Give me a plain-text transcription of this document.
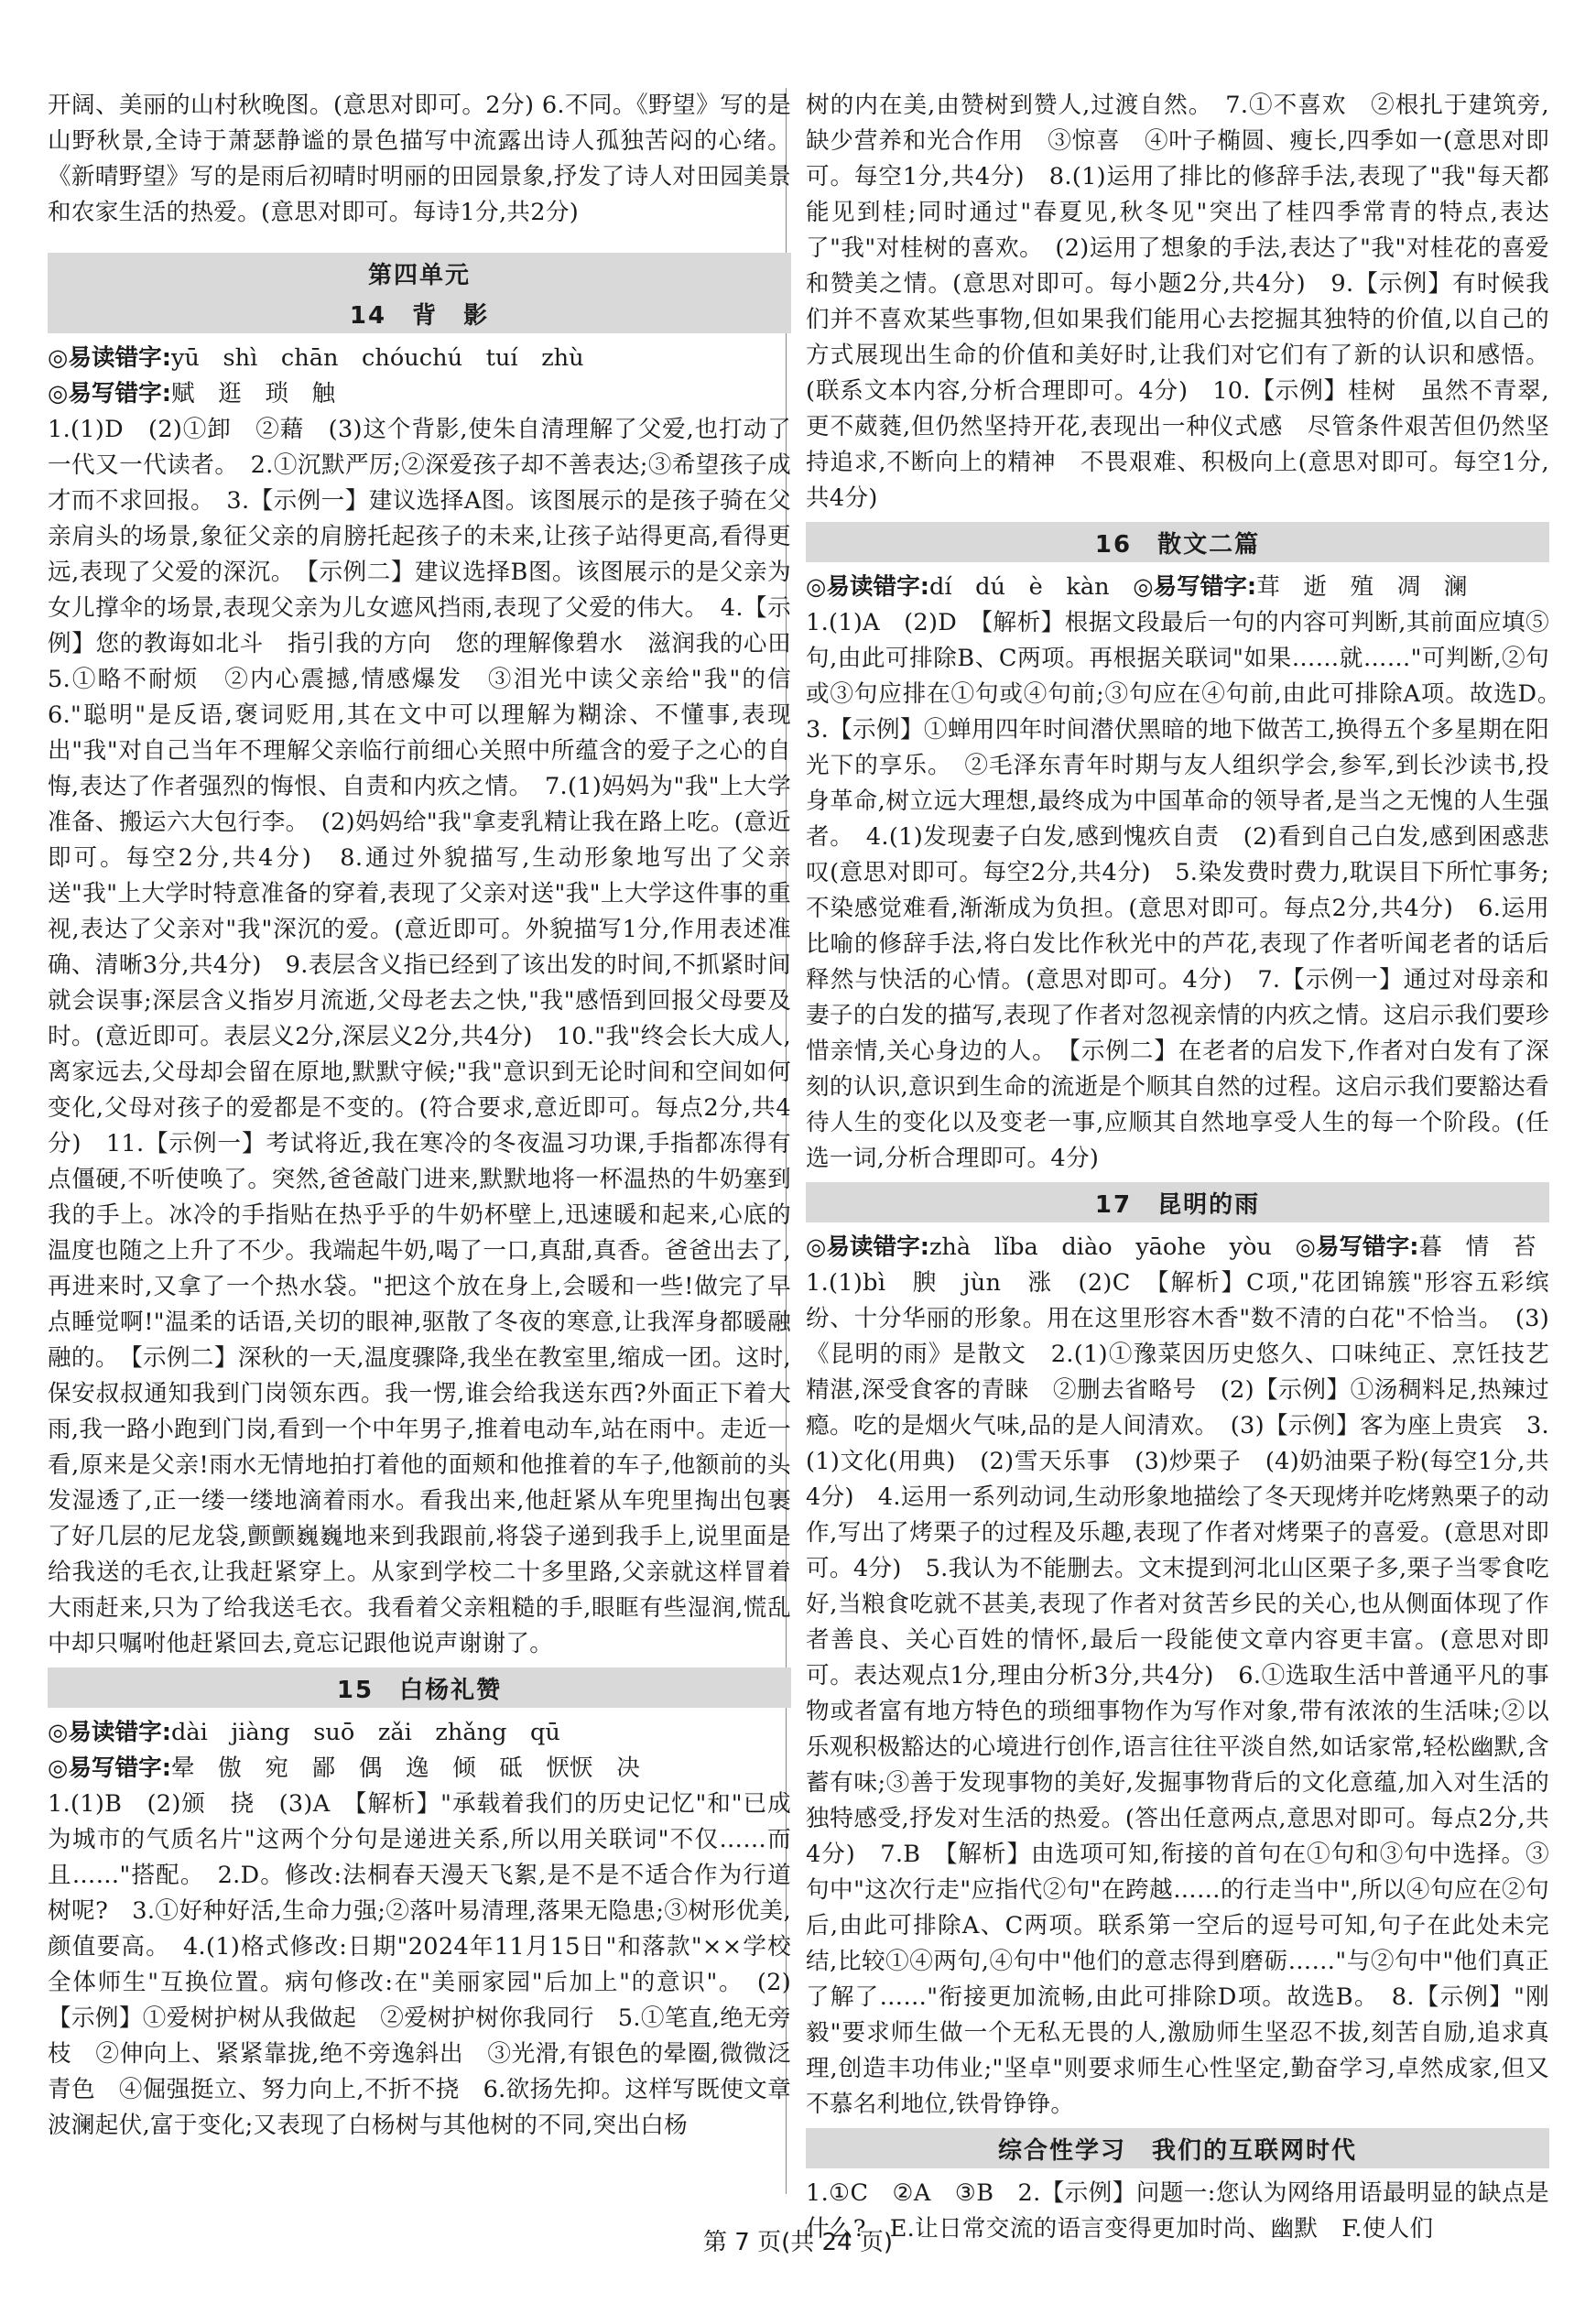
开阔、美丽的山村秋晚图。(意思对即可。2分) 6.不同。《野望》写的是山野秋景,全诗于萧瑟静谧的景色描写中流露出诗人孤独苦闷的心绪。《新晴野望》写的是雨后初晴时明丽的田园景象,抒发了诗人对田园美景和农家生活的热爱。(意思对即可。每诗1分,共2分)

第四单元
14　背　影

◎易读错字:yū　shì　chān　chóuchú　tuí　zhù

◎易写错字:赋　逛　琐　触

1.(1)D　(2)①卸　②藉　(3)这个背影,使朱自清理解了父爱,也打动了一代又一代读者。　2.①沉默严厉;②深爱孩子却不善表达;③希望孩子成才而不求回报。　3.【示例一】建议选择A图。该图展示的是孩子骑在父亲肩头的场景,象征父亲的肩膀托起孩子的未来,让孩子站得更高,看得更远,表现了父爱的深沉。　【示例二】建议选择B图。该图展示的是父亲为女儿撑伞的场景,表现父亲为儿女遮风挡雨,表现了父爱的伟大。　4.【示例】您的教诲如北斗　指引我的方向　您的理解像碧水　滋润我的心田　5.①略不耐烦　②内心震撼,情感爆发　③泪光中读父亲给"我"的信　6."聪明"是反语,褒词贬用,其在文中可以理解为糊涂、不懂事,表现出"我"对自己当年不理解父亲临行前细心关照中所蕴含的爱子之心的自悔,表达了作者强烈的悔恨、自责和内疚之情。　7.(1)妈妈为"我"上大学准备、搬运六大包行李。　(2)妈妈给"我"拿麦乳精让我在路上吃。(意近即可。每空2分,共4分)　8.通过外貌描写,生动形象地写出了父亲送"我"上大学时特意准备的穿着,表现了父亲对送"我"上大学这件事的重视,表达了父亲对"我"深沉的爱。(意近即可。外貌描写1分,作用表述准确、清晰3分,共4分)　9.表层含义指已经到了该出发的时间,不抓紧时间就会误事;深层含义指岁月流逝,父母老去之快,"我"感悟到回报父母要及时。(意近即可。表层义2分,深层义2分,共4分)　10."我"终会长大成人,离家远去,父母却会留在原地,默默守候;"我"意识到无论时间和空间如何变化,父母对孩子的爱都是不变的。(符合要求,意近即可。每点2分,共4分)　11.【示例一】考试将近,我在寒冷的冬夜温习功课,手指都冻得有点僵硬,不听使唤了。突然,爸爸敲门进来,默默地将一杯温热的牛奶塞到我的手上。冰冷的手指贴在热乎乎的牛奶杯壁上,迅速暖和起来,心底的温度也随之上升了不少。我端起牛奶,喝了一口,真甜,真香。爸爸出去了,再进来时,又拿了一个热水袋。"把这个放在身上,会暖和一些!做完了早点睡觉啊!"温柔的话语,关切的眼神,驱散了冬夜的寒意,让我浑身都暖融融的。　【示例二】深秋的一天,温度骤降,我坐在教室里,缩成一团。这时,保安叔叔通知我到门岗领东西。我一愣,谁会给我送东西?外面正下着大雨,我一路小跑到门岗,看到一个中年男子,推着电动车,站在雨中。走近一看,原来是父亲!雨水无情地拍打着他的面颊和他推着的车子,他额前的头发湿透了,正一缕一缕地滴着雨水。看我出来,他赶紧从车兜里掏出包裹了好几层的尼龙袋,颤颤巍巍地来到我跟前,将袋子递到我手上,说里面是给我送的毛衣,让我赶紧穿上。从家到学校二十多里路,父亲就这样冒着大雨赶来,只为了给我送毛衣。我看着父亲粗糙的手,眼眶有些湿润,慌乱中却只嘱咐他赶紧回去,竟忘记跟他说声谢谢了。

15　白杨礼赞

◎易读错字:dài　jiàng　suō　zǎi　zhǎng　qū

◎易写错字:晕　傲　宛　鄙　偶　逸　倾　砥　恹恹　决

1.(1)B　(2)颁　挠　(3)A　【解析】"承载着我们的历史记忆"和"已成为城市的气质名片"这两个分句是递进关系,所以用关联词"不仅……而且……"搭配。　2.D。修改:法桐春天漫天飞絮,是不是不适合作为行道树呢?　3.①好种好活,生命力强;②落叶易清理,落果无隐患;③树形优美,颜值要高。　4.(1)格式修改:日期"2024年11月15日"和落款"××学校全体师生"互换位置。病句修改:在"美丽家园"后加上"的意识"。　(2)【示例】①爱树护树从我做起　②爱树护树你我同行　5.①笔直,绝无旁枝　②伸向上、紧紧靠拢,绝不旁逸斜出　③光滑,有银色的晕圈,微微泛青色　④倔强挺立、努力向上,不折不挠　6.欲扬先抑。这样写既使文章波澜起伏,富于变化;又表现了白杨树与其他树的不同,突出白杨

树的内在美,由赞树到赞人,过渡自然。　7.①不喜欢　②根扎于建筑旁,缺少营养和光合作用　③惊喜　④叶子椭圆、瘦长,四季如一(意思对即可。每空1分,共4分)　8.(1)运用了排比的修辞手法,表现了"我"每天都能见到桂;同时通过"春夏见,秋冬见"突出了桂四季常青的特点,表达了"我"对桂树的喜欢。　(2)运用了想象的手法,表达了"我"对桂花的喜爱和赞美之情。(意思对即可。每小题2分,共4分)　9.【示例】有时候我们并不喜欢某些事物,但如果我们能用心去挖掘其独特的价值,以自己的方式展现出生命的价值和美好时,让我们对它们有了新的认识和感悟。(联系文本内容,分析合理即可。4分)　10.【示例】桂树　虽然不青翠,更不葳蕤,但仍然坚持开花,表现出一种仪式感　尽管条件艰苦但仍然坚持追求,不断向上的精神　不畏艰难、积极向上(意思对即可。每空1分,共4分)

16　散文二篇

◎易读错字:dí　dú　è　kàn　 ◎易写错字:茸　逝　殖　凋　澜

1.(1)A　(2)D　【解析】根据文段最后一句的内容可判断,其前面应填⑤句,由此可排除B、C两项。再根据关联词"如果……就……"可判断,②句或③句应排在①句或④句前;③句应在④句前,由此可排除A项。故选D。　3.【示例】①蝉用四年时间潜伏黑暗的地下做苦工,换得五个多星期在阳光下的享乐。　②毛泽东青年时期与友人组织学会,参军,到长沙读书,投身革命,树立远大理想,最终成为中国革命的领导者,是当之无愧的人生强者。　4.(1)发现妻子白发,感到愧疚自责　(2)看到自己白发,感到困惑悲叹(意思对即可。每空2分,共4分)　5.染发费时费力,耽误目下所忙事务;不染感觉难看,渐渐成为负担。(意思对即可。每点2分,共4分)　6.运用比喻的修辞手法,将白发比作秋光中的芦花,表现了作者听闻老者的话后释然与快活的心情。(意思对即可。4分)　7.【示例一】通过对母亲和妻子的白发的描写,表现了作者对忽视亲情的内疚之情。这启示我们要珍惜亲情,关心身边的人。　【示例二】在老者的启发下,作者对白发有了深刻的认识,意识到生命的流逝是个顺其自然的过程。这启示我们要豁达看待人生的变化以及变老一事,应顺其自然地享受人生的每一个阶段。(任选一词,分析合理即可。4分)

17　昆明的雨

◎易读错字:zhà　lǐba　diào　yāohe　yòu　 ◎易写错字:暮　情　苔

1.(1)bì　腴　jùn　涨　(2)C　【解析】C项,"花团锦簇"形容五彩缤纷、十分华丽的形象。用在这里形容木香"数不清的白花"不恰当。　(3)《昆明的雨》是散文　2.(1)①豫菜因历史悠久、口味纯正、烹饪技艺精湛,深受食客的青睐　②删去省略号　(2)【示例】①汤稠料足,热辣过瘾。吃的是烟火气味,品的是人间清欢。　(3)【示例】客为座上贵宾　3.(1)文化(用典)　(2)雪天乐事　(3)炒栗子　(4)奶油栗子粉(每空1分,共4分)　4.运用一系列动词,生动形象地描绘了冬天现烤并吃烤熟栗子的动作,写出了烤栗子的过程及乐趣,表现了作者对烤栗子的喜爱。(意思对即可。4分)　5.我认为不能删去。文末提到河北山区栗子多,栗子当零食吃好,当粮食吃就不甚美,表现了作者对贫苦乡民的关心,也从侧面体现了作者善良、关心百姓的情怀,最后一段能使文章内容更丰富。(意思对即可。表达观点1分,理由分析3分,共4分)　6.①选取生活中普通平凡的事物或者富有地方特色的琐细事物作为写作对象,带有浓浓的生活味;②以乐观积极豁达的心境进行创作,语言往往平淡自然,如话家常,轻松幽默,含蓄有味;③善于发现事物的美好,发掘事物背后的文化意蕴,加入对生活的独特感受,抒发对生活的热爱。(答出任意两点,意思对即可。每点2分,共4分)　7.B　【解析】由选项可知,衔接的首句在①句和③句中选择。③句中"这次行走"应指代②句"在跨越……的行走当中",所以④句应在②句后,由此可排除A、C两项。联系第一空后的逗号可知,句子在此处未完结,比较①④两句,④句中"他们的意志得到磨砺……"与②句中"他们真正了解了……"衔接更加流畅,由此可排除D项。故选B。　8.【示例】"刚毅"要求师生做一个无私无畏的人,激励师生坚忍不拔,刻苦自励,追求真理,创造丰功伟业;"坚卓"则要求师生心性坚定,勤奋学习,卓然成家,但又不慕名利地位,铁骨铮铮。

综合性学习　我们的互联网时代

1.①C　②A　③B　2.【示例】问题一:您认为网络用语最明显的缺点是什么?　E.让日常交流的语言变得更加时尚、幽默　F.使人们

第 7 页(共 24 页)
